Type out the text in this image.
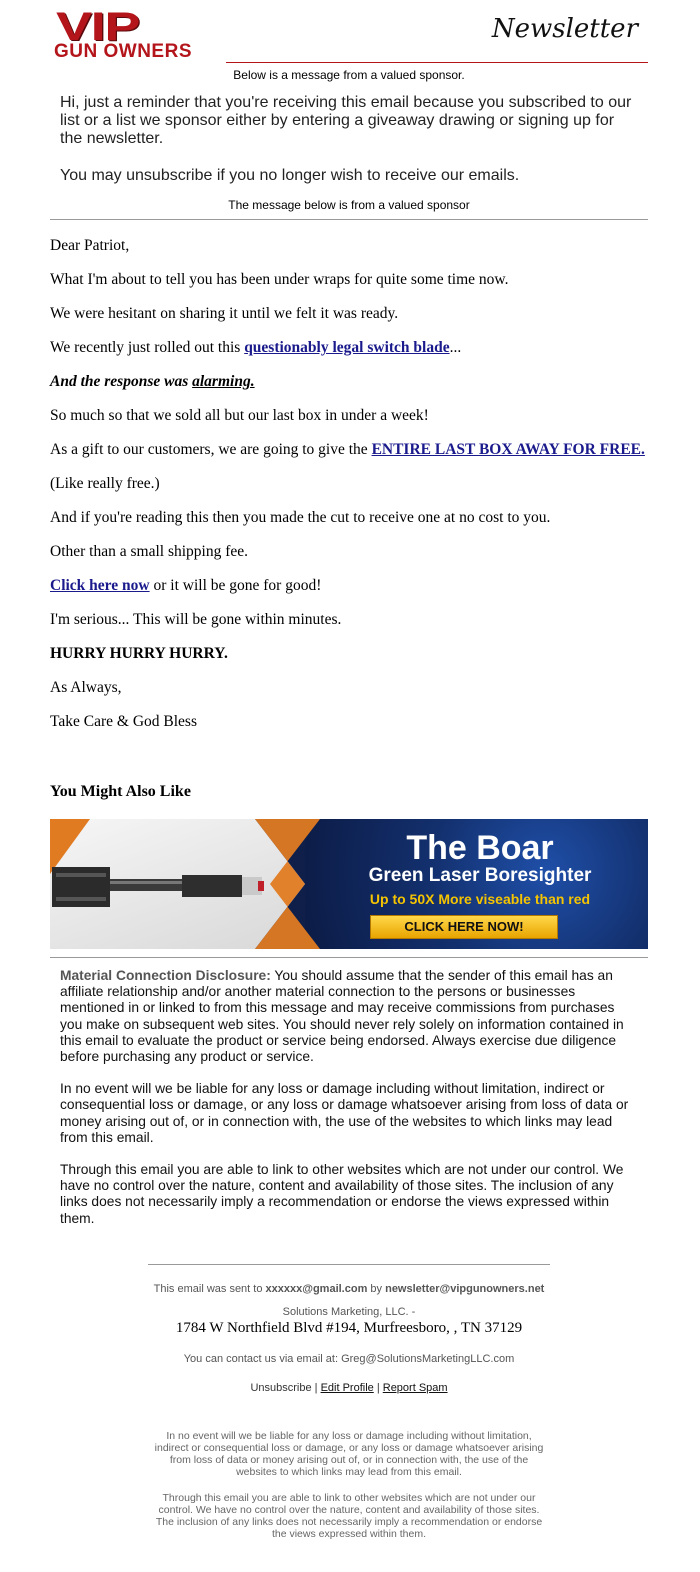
VIP
GUN OWNERS
Newsletter
Below is a message from a valued sponsor.

Hi, just a reminder that you're receiving this email because you subscribed to our list or a list we sponsor either by entering a giveaway drawing or signing up for the newsletter.

You may unsubscribe if you no longer wish to receive our emails.

The message below is from a valued sponsor

Dear Patriot,

What I'm about to tell you has been under wraps for quite some time now.

We were hesitant on sharing it until we felt it was ready.

We recently just rolled out this questionably legal switch blade...

And the response was alarming.

So much so that we sold all but our last box in under a week!

As a gift to our customers, we are going to give the ENTIRE LAST BOX AWAY FOR FREE.

(Like really free.)

And if you're reading this then you made the cut to receive one at no cost to you.

Other than a small shipping fee.

Click here now or it will be gone for good!

I'm serious... This will be gone within minutes.

HURRY HURRY HURRY.

As Always,

Take Care & God Bless

You Might Also Like
The Boar
Green Laser Boresighter
Up to 50X More viseable than red
CLICK HERE NOW!

Material Connection Disclosure: You should assume that the sender of this email has an affiliate relationship and/or another material connection to the persons or businesses mentioned in or linked to from this message and may receive commissions from purchases you make on subsequent web sites. You should never rely solely on information contained in this email to evaluate the product or service being endorsed. Always exercise due diligence before purchasing any product or service.

In no event will we be liable for any loss or damage including without limitation, indirect or consequential loss or damage, or any loss or damage whatsoever arising from loss of data or money arising out of, or in connection with, the use of the websites to which links may lead from this email.

Through this email you are able to link to other websites which are not under our control. We have no control over the nature, content and availability of those sites. The inclusion of any links does not necessarily imply a recommendation or endorse the views expressed within them.

This email was sent to xxxxxx@gmail.com by newsletter@vipgunowners.net
Solutions Marketing, LLC. -
1784 W Northfield Blvd #194, Murfreesboro, , TN 37129
You can contact us via email at: Greg@SolutionsMarketingLLC.com
Unsubscribe | Edit Profile | Report Spam
In no event will we be liable for any loss or damage including without limitation, indirect or consequential loss or damage, or any loss or damage whatsoever arising from loss of data or money arising out of, or in connection with, the use of the websites to which links may lead from this email.
Through this email you are able to link to other websites which are not under our control. We have no control over the nature, content and availability of those sites. The inclusion of any links does not necessarily imply a recommendation or endorse the views expressed within them.
